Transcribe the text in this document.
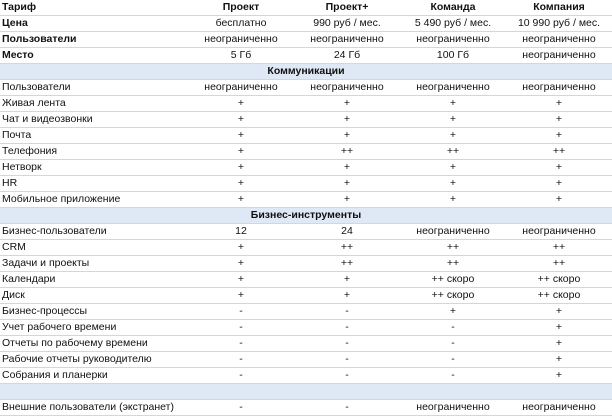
Тариф	Проект	Проект+	Команда	Компания
Цена	бесплатно	990 руб / мес.	5 490 руб / мес.	10 990 руб / мес.
Пользователи	неограниченно	неограниченно	неограниченно	неограниченно
Место	5 Гб	24 Гб	100 Гб	неограниченно
Коммуникации				
Пользователи	неограниченно	неограниченно	неограниченно	неограниченно
Живая лента	+	+	+	+
Чат и видеозвонки	+	+	+	+
Почта	+	+	+	+
Телефония	+	++	++	++
Нетворк	+	+	+	+
HR	+	+	+	+
Мобильное приложение	+	+	+	+
Бизнес-инструменты				
Бизнес-пользователи	12	24	неограниченно	неограниченно
CRM	+	++	++	++
Задачи и проекты	+	++	++	++
Календари	+	+	++ скоро	++ скоро
Диск	+	+	++ скоро	++ скоро
Бизнес-процессы	-	-	+	+
Учет рабочего времени	-	-	-	+
Отчеты по рабочему времени	-	-	-	+
Рабочие отчеты руководителю	-	-	-	+
Собрания и планерки	-	-	-	+

Внешние пользователи (экстранет)	-	-	неограниченно	неограниченно
